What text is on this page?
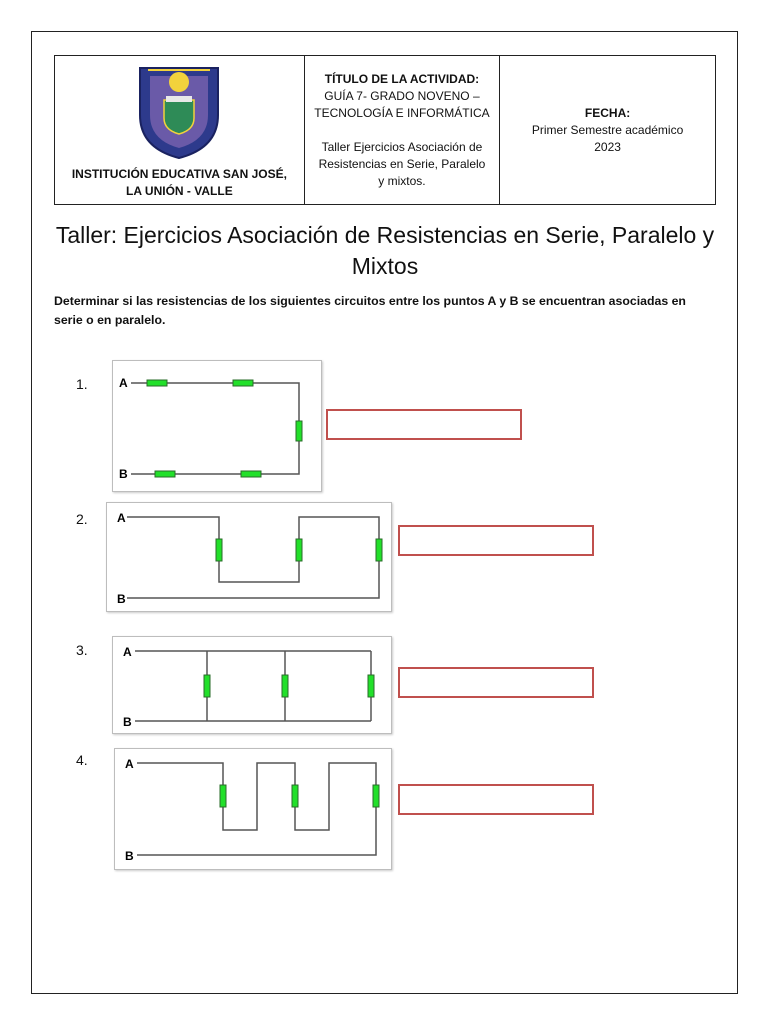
INSTITUCIÓN EDUCATIVA SAN JOSÉ,
LA UNIÓN - VALLE

TÍTULO DE LA ACTIVIDAD:
GUÍA 7- GRADO NOVENO –
TECNOLOGÍA E INFORMÁTICA
Taller Ejercicios Asociación de
Resistencias en Serie, Paralelo
y mixtos.

FECHA:
Primer Semestre académico
2023
Taller: Ejercicios Asociación de Resistencias en Serie, Paralelo y
Mixtos
Determinar si las resistencias de los siguientes circuitos entre los puntos A y B se encuentran asociadas en
serie o en paralelo.
1.	A
B
2. A
B
3.	A
B
4.	A
B
